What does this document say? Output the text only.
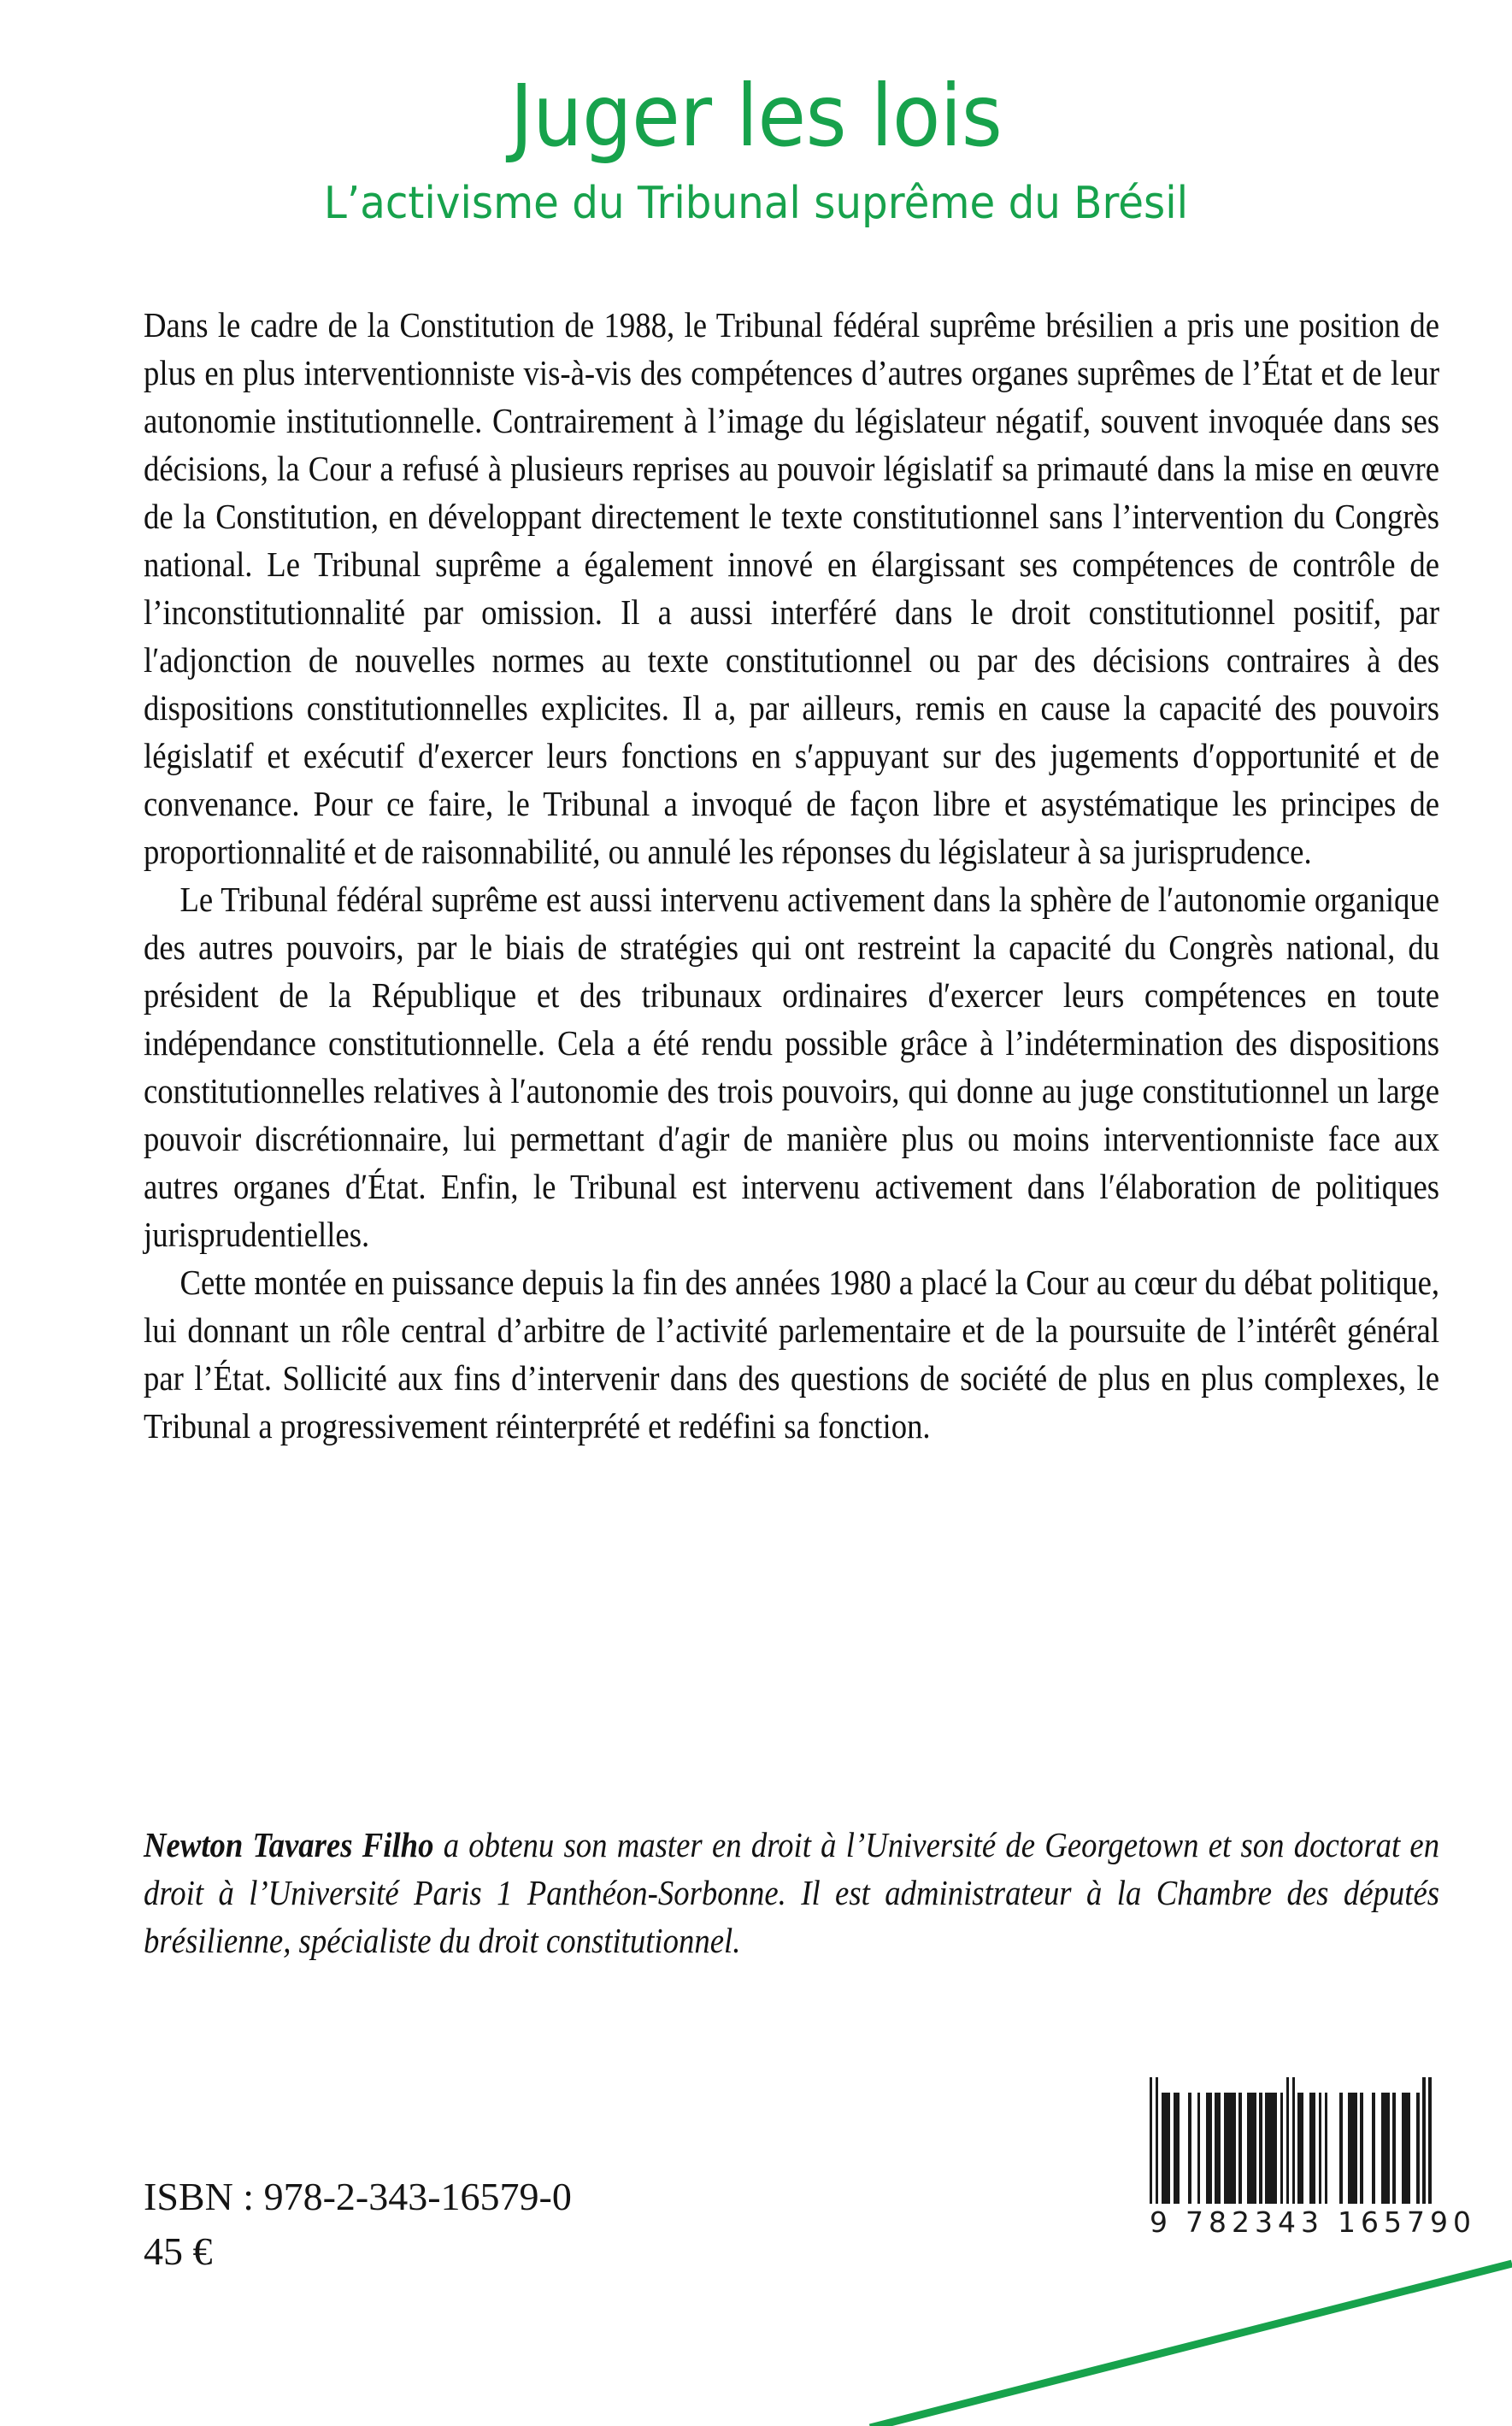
Juger les lois
L’activisme du Tribunal suprême du Brésil

Dans le cadre de la Constitution de 1988, le Tribunal fédéral suprême brésilien a pris une position de plus en plus interventionniste vis-à-vis des compétences d’autres organes suprêmes de l’État et de leur autonomie institutionnelle. Contrairement à l’image du législateur négatif, souvent invoquée dans ses décisions, la Cour a refusé à plusieurs reprises au pouvoir législatif sa primauté dans la mise en œuvre de la Constitution, en développant directement le texte constitutionnel sans l’intervention du Congrès national. Le Tribunal suprême a également innové en élargissant ses compétences de contrôle de l’inconstitutionnalité par omission. Il a aussi interféré dans le droit constitutionnel positif, par lʹadjonction de nouvelles normes au texte constitutionnel ou par des décisions contraires à des dispositions constitutionnelles explicites. Il a, par ailleurs, remis en cause la capacité des pouvoirs législatif et exécutif dʹexercer leurs fonctions en sʹappuyant sur des jugements dʹopportunité et de convenance. Pour ce faire, le Tribunal a invoqué de façon libre et asystématique les principes de proportionnalité et de raisonnabilité, ou annulé les réponses du législateur à sa jurisprudence.

Le Tribunal fédéral suprême est aussi intervenu activement dans la sphère de lʹautonomie organique des autres pouvoirs, par le biais de stratégies qui ont restreint la capacité du Congrès national, du président de la République et des tribunaux ordinaires dʹexercer leurs compétences en toute indépendance constitutionnelle. Cela a été rendu possible grâce à l’indétermination des dispositions constitutionnelles relatives à lʹautonomie des trois pouvoirs, qui donne au juge constitutionnel un large pouvoir discrétionnaire, lui permettant dʹagir de manière plus ou moins interventionniste face aux autres organes dʹÉtat. Enfin, le Tribunal est intervenu activement dans lʹélaboration de politiques jurisprudentielles.

Cette montée en puissance depuis la fin des années 1980 a placé la Cour au cœur du débat politique, lui donnant un rôle central d’arbitre de l’activité parlementaire et de la poursuite de l’intérêt général par l’État. Sollicité aux fins d’intervenir dans des questions de société de plus en plus complexes, le Tribunal a progressivement réinterprété et redéfini sa fonction.

Newton Tavares Filho a obtenu son master en droit à l’Université de Georgetown et son doctorat en droit à l’Université Paris 1 Panthéon-Sorbonne. Il est administrateur à la Chambre des députés brésilienne, spécialiste du droit constitutionnel.

ISBN : 978-2-343-16579-0
45 €
9 782343 165790
